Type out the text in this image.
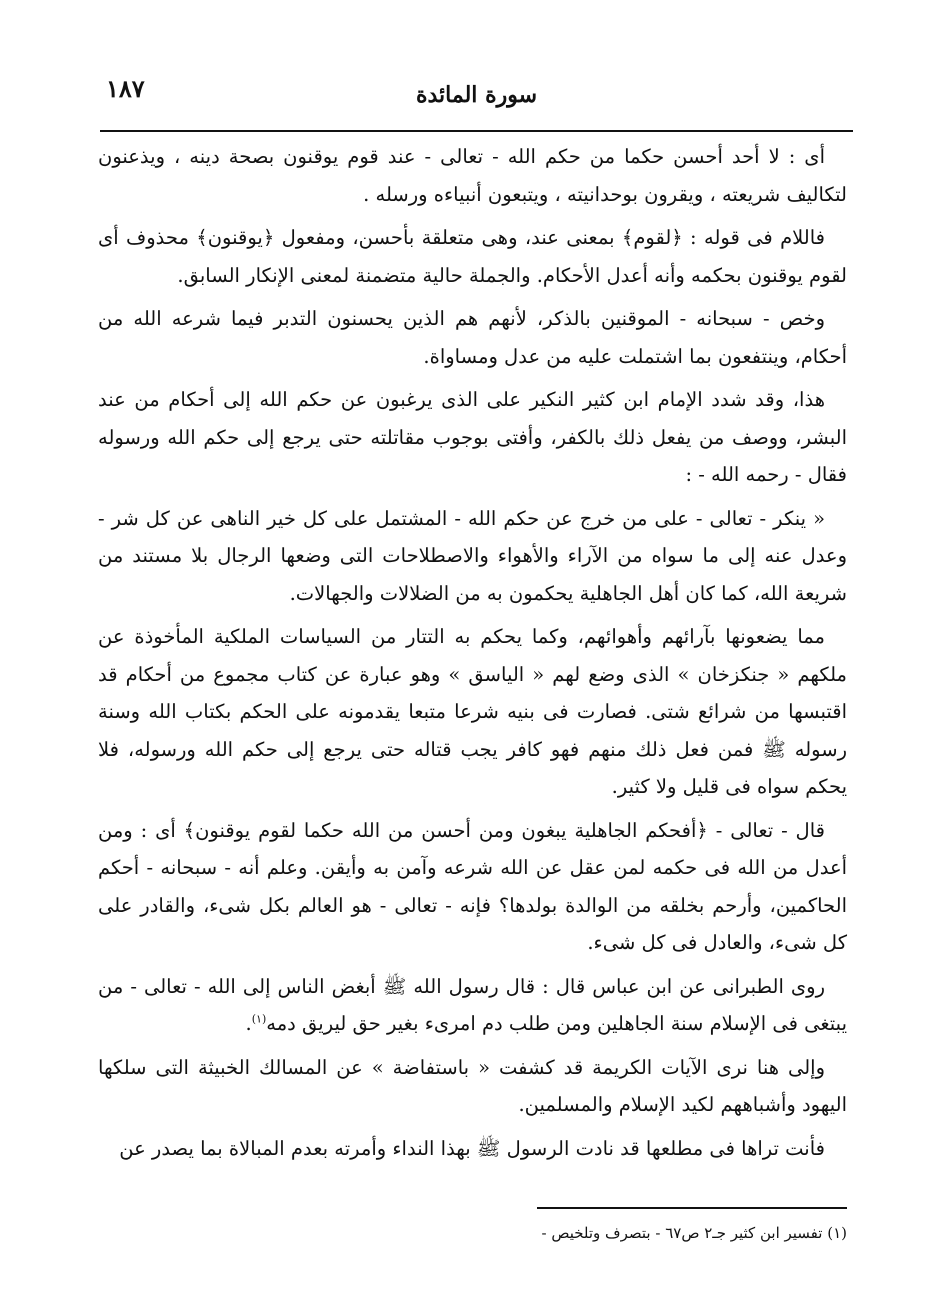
١٨٧	سورة المائدة

أى : لا أحد أحسن حكما من حكم الله - تعالى - عند قوم يوقنون بصحة دينه ، ويذعنون لتكاليف شريعته ، ويقرون بوحدانيته ، ويتبعون أنبياءه ورسله .

فاللام فى قوله : ﴿لقوم﴾ بمعنى عند، وهى متعلقة بأحسن، ومفعول ﴿يوقنون﴾ محذوف أى لقوم يوقنون بحكمه وأنه أعدل الأحكام. والجملة حالية متضمنة لمعنى الإنكار السابق.

وخص - سبحانه - الموقنين بالذكر، لأنهم هم الذين يحسنون التدبر فيما شرعه الله من أحكام، وينتفعون بما اشتملت عليه من عدل ومساواة.

هذا، وقد شدد الإمام ابن كثير النكير على الذى يرغبون عن حكم الله إلى أحكام من عند البشر، ووصف من يفعل ذلك بالكفر، وأفتى بوجوب مقاتلته حتى يرجع إلى حكم الله ورسوله فقال - رحمه الله - :

« ينكر - تعالى - على من خرج عن حكم الله - المشتمل على كل خير الناهى عن كل شر - وعدل عنه إلى ما سواه من الآراء والأهواء والاصطلاحات التى وضعها الرجال بلا مستند من شريعة الله، كما كان أهل الجاهلية يحكمون به من الضلالات والجهالات.

مما يضعونها بآرائهم وأهوائهم، وكما يحكم به التتار من السياسات الملكية المأخوذة عن ملكهم « جنكزخان » الذى وضع لهم « الياسق » وهو عبارة عن كتاب مجموع من أحكام قد اقتبسها من شرائع شتى. فصارت فى بنيه شرعا متبعا يقدمونه على الحكم بكتاب الله وسنة رسوله ﷺ فمن فعل ذلك منهم فهو كافر يجب قتاله حتى يرجع إلى حكم الله ورسوله، فلا يحكم سواه فى قليل ولا كثير.

قال - تعالى - ﴿أفحكم الجاهلية يبغون ومن أحسن من الله حكما لقوم يوقنون﴾ أى : ومن أعدل من الله فى حكمه لمن عقل عن الله شرعه وآمن به وأيقن. وعلم أنه - سبحانه - أحكم الحاكمين، وأرحم بخلقه من الوالدة بولدها؟ فإنه - تعالى - هو العالم بكل شىء، والقادر على كل شىء، والعادل فى كل شىء.

روى الطبرانى عن ابن عباس قال : قال رسول الله ﷺ أبغض الناس إلى الله - تعالى - من يبتغى فى الإسلام سنة الجاهلين ومن طلب دم امرىء بغير حق ليريق دمه$^{(١)}$.

وإلى هنا نرى الآيات الكريمة قد كشفت « باستفاضة » عن المسالك الخبيثة التى سلكها اليهود وأشباههم لكيد الإسلام والمسلمين.

فأنت تراها فى مطلعها قد نادت الرسول ﷺ بهذا النداء وأمرته بعدم المبالاة بما يصدر عن

(١) تفسير ابن كثير جـ٢ ص٦٧ - بتصرف وتلخيص -
